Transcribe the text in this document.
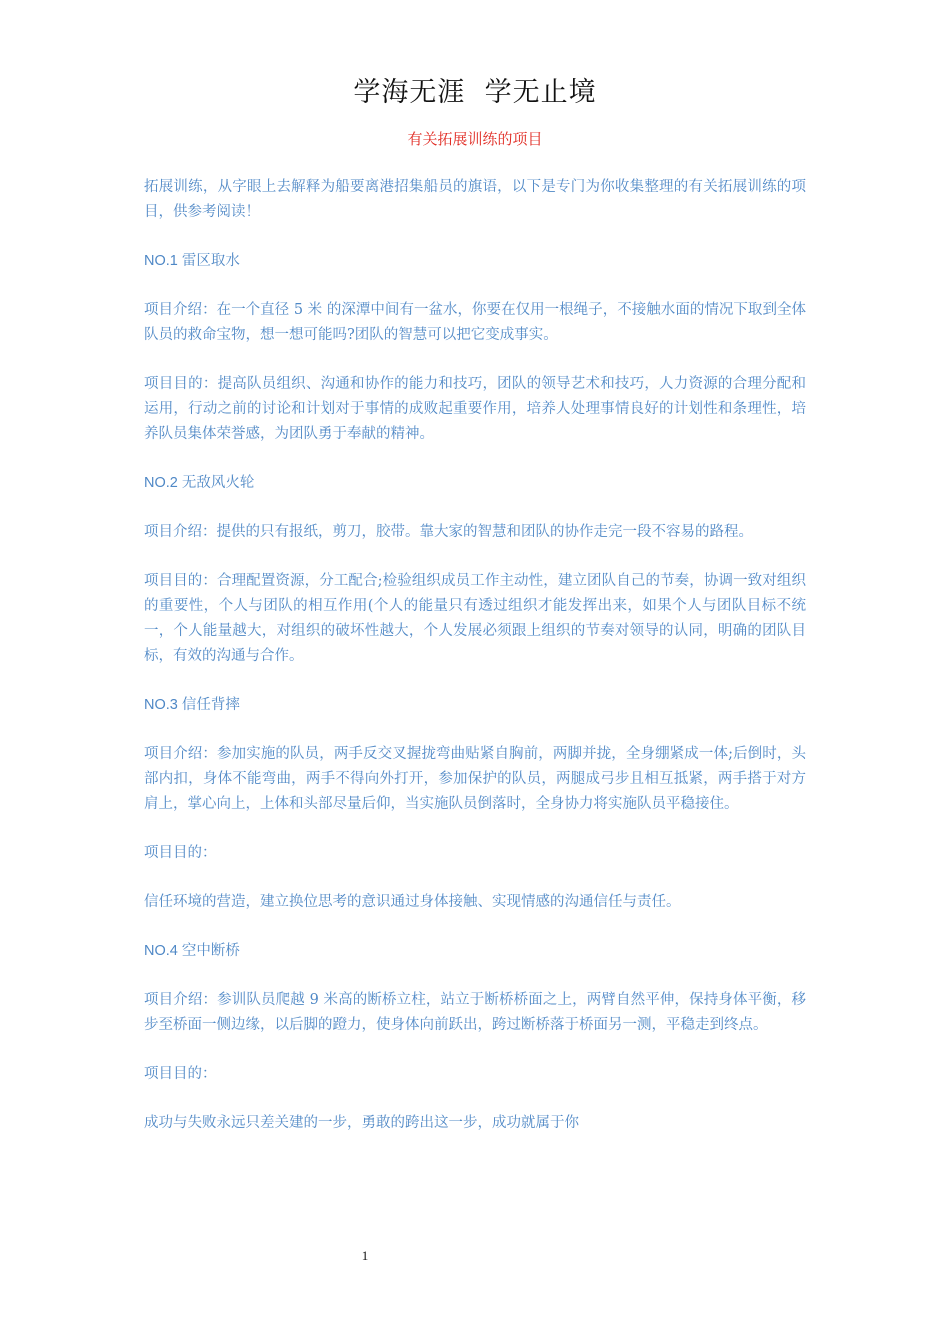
学海无涯  学无止境
有关拓展训练的项目

拓展训练，从字眼上去解释为船要离港招集船员的旗语，以下是专门为你收集整理的有关拓展训练的项目，供参考阅读！

NO.1 雷区取水

项目介绍：在一个直径 5 米 的深潭中间有一盆水，你要在仅用一根绳子，不接触水面的情况下取到全体队员的救命宝物，想一想可能吗?团队的智慧可以把它变成事实。

项目目的：提高队员组织、沟通和协作的能力和技巧，团队的领导艺术和技巧，人力资源的合理分配和运用，行动之前的讨论和计划对于事情的成败起重要作用，培养人处理事情良好的计划性和条理性，培养队员集体荣誉感，为团队勇于奉献的精神。

NO.2 无敌风火轮

项目介绍：提供的只有报纸，剪刀，胶带。靠大家的智慧和团队的协作走完一段不容易的路程。

项目目的：合理配置资源，分工配合;检验组织成员工作主动性，建立团队自己的节奏，协调一致对组织的重要性，个人与团队的相互作用(个人的能量只有透过组织才能发挥出来，如果个人与团队目标不统一，个人能量越大，对组织的破坏性越大，个人发展必须跟上组织的节奏对领导的认同，明确的团队目标，有效的沟通与合作。

NO.3 信任背摔

项目介绍：参加实施的队员，两手反交叉握拢弯曲贴紧自胸前，两脚并拢，全身绷紧成一体;后倒时，头部内扣，身体不能弯曲，两手不得向外打开，参加保护的队员，两腿成弓步且相互抵紧，两手搭于对方肩上，掌心向上，上体和头部尽量后仰，当实施队员倒落时，全身协力将实施队员平稳接住。

项目目的：

信任环境的营造，建立换位思考的意识通过身体接触、实现情感的沟通信任与责任。

NO.4 空中断桥

项目介绍：参训队员爬越 9 米高的断桥立柱，站立于断桥桥面之上，两臂自然平伸，保持身体平衡，移步至桥面一侧边缘，以后脚的蹬力，使身体向前跃出，跨过断桥落于桥面另一测，平稳走到终点。

项目目的：

成功与失败永远只差关建的一步，勇敢的跨出这一步，成功就属于你

1
